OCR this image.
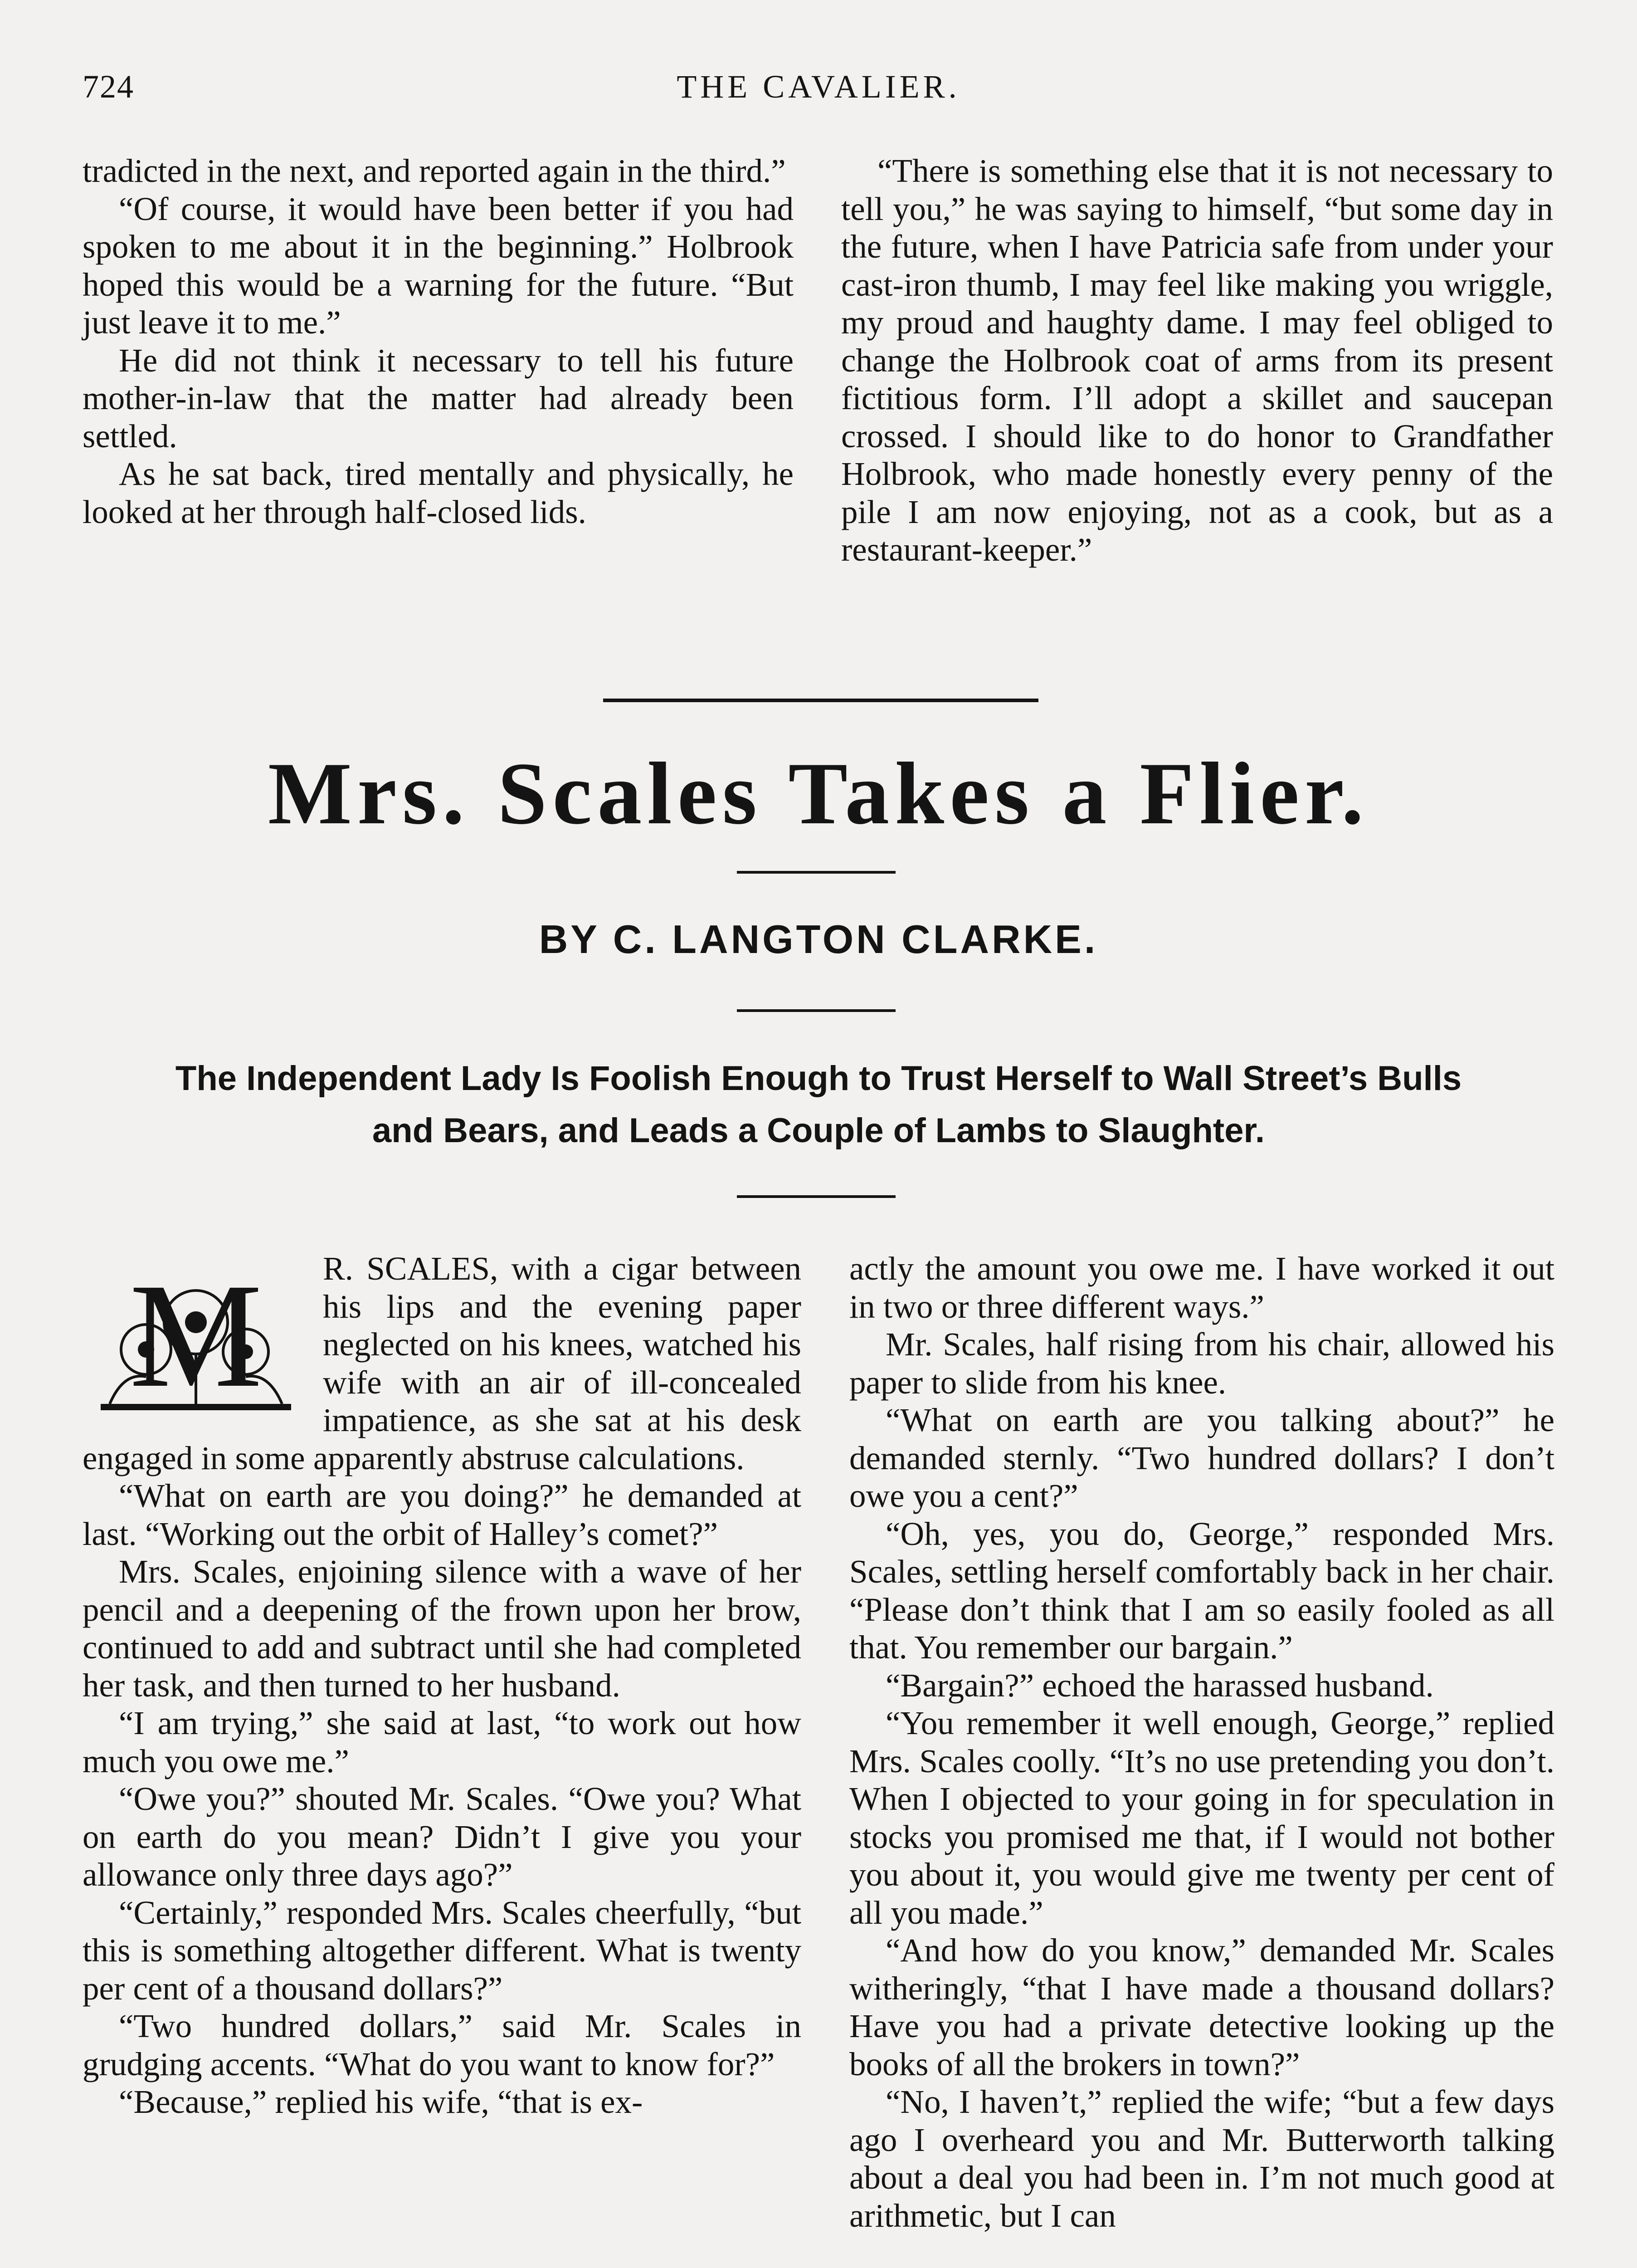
724	THE CAVALIER.

tradicted in the next, and reported again in the third.”

“Of course, it would have been better if you had spoken to me about it in the beginning.” Holbrook hoped this would be a warning for the future. “But just leave it to me.”

He did not think it necessary to tell his future mother-in-law that the matter had already been settled.

As he sat back, tired mentally and physically, he looked at her through half-closed lids.

“There is something else that it is not necessary to tell you,” he was saying to himself, “but some day in the future, when I have Patricia safe from under your cast-iron thumb, I may feel like making you wriggle, my proud and haughty dame. I may feel obliged to change the Holbrook coat of arms from its present fictitious form. I’ll adopt a skillet and saucepan crossed. I should like to do honor to Grandfather Holbrook, who made honestly every penny of the pile I am now enjoying, not as a cook, but as a restaurant-keeper.”

Mrs. Scales Takes a Flier.
BY C. LANGTON CLARKE.
The Independent Lady Is Foolish Enough to Trust Herself to Wall Street’s Bulls and Bears, and Leads a Couple of Lambs to Slaughter.

M R. SCALES, with a cigar between his lips and the evening paper neglected on his knees, watched his wife with an air of ill-concealed impatience, as she sat at his desk engaged in some apparently abstruse calculations.

“What on earth are you doing?” he demanded at last. “Working out the orbit of Halley’s comet?”

Mrs. Scales, enjoining silence with a wave of her pencil and a deepening of the frown upon her brow, continued to add and subtract until she had completed her task, and then turned to her husband.

“I am trying,” she said at last, “to work out how much you owe me.”

“Owe you?” shouted Mr. Scales. “Owe you? What on earth do you mean? Didn’t I give you your allowance only three days ago?”

“Certainly,” responded Mrs. Scales cheerfully, “but this is something altogether different. What is twenty per cent of a thousand dollars?”

“Two hundred dollars,” said Mr. Scales in grudging accents. “What do you want to know for?”

“Because,” replied his wife, “that is ex-

actly the amount you owe me. I have worked it out in two or three different ways.”

Mr. Scales, half rising from his chair, allowed his paper to slide from his knee.

“What on earth are you talking about?” he demanded sternly. “Two hundred dollars? I don’t owe you a cent?”

“Oh, yes, you do, George,” responded Mrs. Scales, settling herself comfortably back in her chair. “Please don’t think that I am so easily fooled as all that. You remember our bargain.”

“Bargain?” echoed the harassed husband.

“You remember it well enough, George,” replied Mrs. Scales coolly. “It’s no use pretending you don’t. When I objected to your going in for speculation in stocks you promised me that, if I would not bother you about it, you would give me twenty per cent of all you made.”

“And how do you know,” demanded Mr. Scales witheringly, “that I have made a thousand dollars? Have you had a private detective looking up the books of all the brokers in town?”

“No, I haven’t,” replied the wife; “but a few days ago I overheard you and Mr. Butterworth talking about a deal you had been in. I’m not much good at arithmetic, but I can
